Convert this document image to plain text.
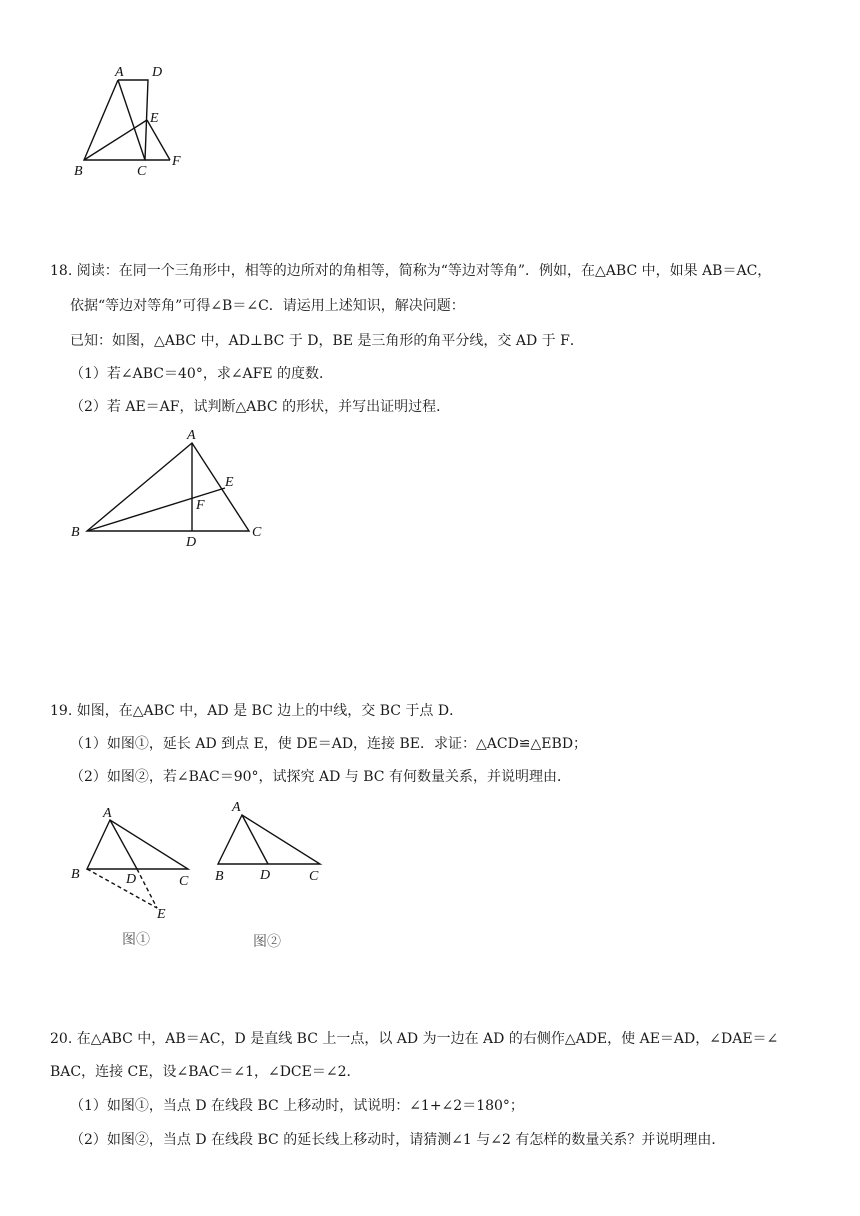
A D
E
B	C
F
18. 阅读：在同一个三角形中，相等的边所对的角相等，简称为“等边对等角”．例如，在△ABC 中，如果 AB＝AC，
依据“等边对等角”可得∠B＝∠C．请运用上述知识，解决问题：
已知：如图，△ABC 中，AD⊥BC 于 D，BE 是三角形的角平分线，交 AD 于 F．
（1）若∠ABC＝40°，求∠AFE 的度数．
（2）若 AE＝AF，试判断△ABC 的形状，并写出证明过程．
A
E
F
B
D
C
19. 如图，在△ABC 中，AD 是 BC 边上的中线，交 BC 于点 D．
（1）如图①，延长 AD 到点 E，使 DE＝AD，连接 BE．求证：△ACD≌△EBD；
（2）如图②，若∠BAC＝90°，试探究 AD 与 BC 有何数量关系，并说明理由．
A
B	D	C
E
图①
A
B	D	C
图②
20. 在△ABC 中，AB＝AC，D 是直线 BC 上一点，以 AD 为一边在 AD 的右侧作△ADE，使 AE＝AD，∠DAE＝∠
BAC，连接 CE，设∠BAC＝∠1，∠DCE＝∠2．
（1）如图①，当点 D 在线段 BC 上移动时，试说明：∠1+∠2＝180°；
（2）如图②，当点 D 在线段 BC 的延长线上移动时，请猜测∠1 与∠2 有怎样的数量关系？并说明理由．
